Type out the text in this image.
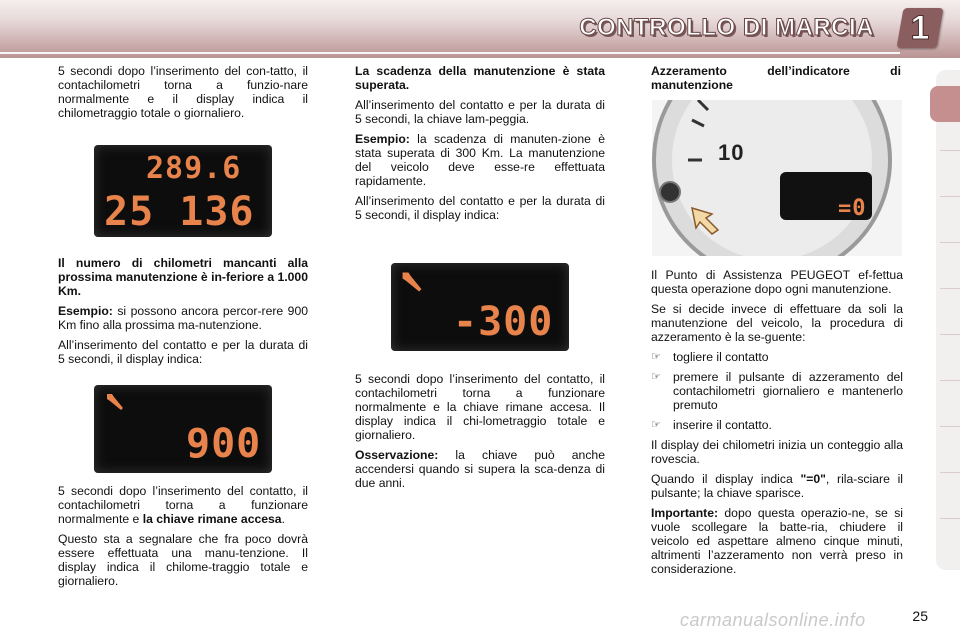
CONTROLLO DI MARCIA	1

5 secondi dopo l’inserimento del con-tatto, il contachilometri torna a funzio-nare normalmente e il display indica il chilometraggio totale o giornaliero.

289.6
25 136

Il numero di chilometri mancanti alla prossima manutenzione è in-feriore a 1.000 Km.

Esempio: si possono ancora percor-rere 900 Km fino alla prossima ma-nutenzione.

All’inserimento del contatto e per la durata di 5 secondi, il display indica:

900

5 secondi dopo l’inserimento del contatto, il contachilometri torna a funzionare normalmente e la chiave rimane accesa.

Questo sta a segnalare che fra poco dovrà essere effettuata una manu-tenzione. Il display indica il chilome-traggio totale e giornaliero.

La scadenza della manutenzione è stata superata.

All’inserimento del contatto e per la durata di 5 secondi, la chiave lam-peggia.

Esempio: la scadenza di manuten-zione è stata superata di 300 Km. La manutenzione del veicolo deve esse-re effettuata rapidamente.

All’inserimento del contatto e per la durata di 5 secondi, il display indica:

-300

5 secondi dopo l’inserimento del contatto, il contachilometri torna a funzionare normalmente e la chiave rimane accesa. Il display indica il chi-lometraggio totale e giornaliero.

Osservazione: la chiave può anche accendersi quando si supera la sca-denza di due anni.

Azzeramento dell’indicatore di manutenzione

10
=0

Il Punto di Assistenza PEUGEOT ef-fettua questa operazione dopo ogni manutenzione.

Se si decide invece di effettuare da soli la manutenzione del veicolo, la procedura di azzeramento è la se-guente:

☞ togliere il contatto

☞ premere il pulsante di azzeramento del contachilometri giornaliero e mantenerlo premuto

☞ inserire il contatto.

Il display dei chilometri inizia un conteggio alla rovescia.

Quando il display indica "=0", rila-sciare il pulsante; la chiave sparisce.

Importante: dopo questa operazio-ne, se si vuole scollegare la batte-ria, chiudere il veicolo ed aspettare almeno cinque minuti, altrimenti l’azzeramento non verrà preso in considerazione.

carmanualsonline.info	25
